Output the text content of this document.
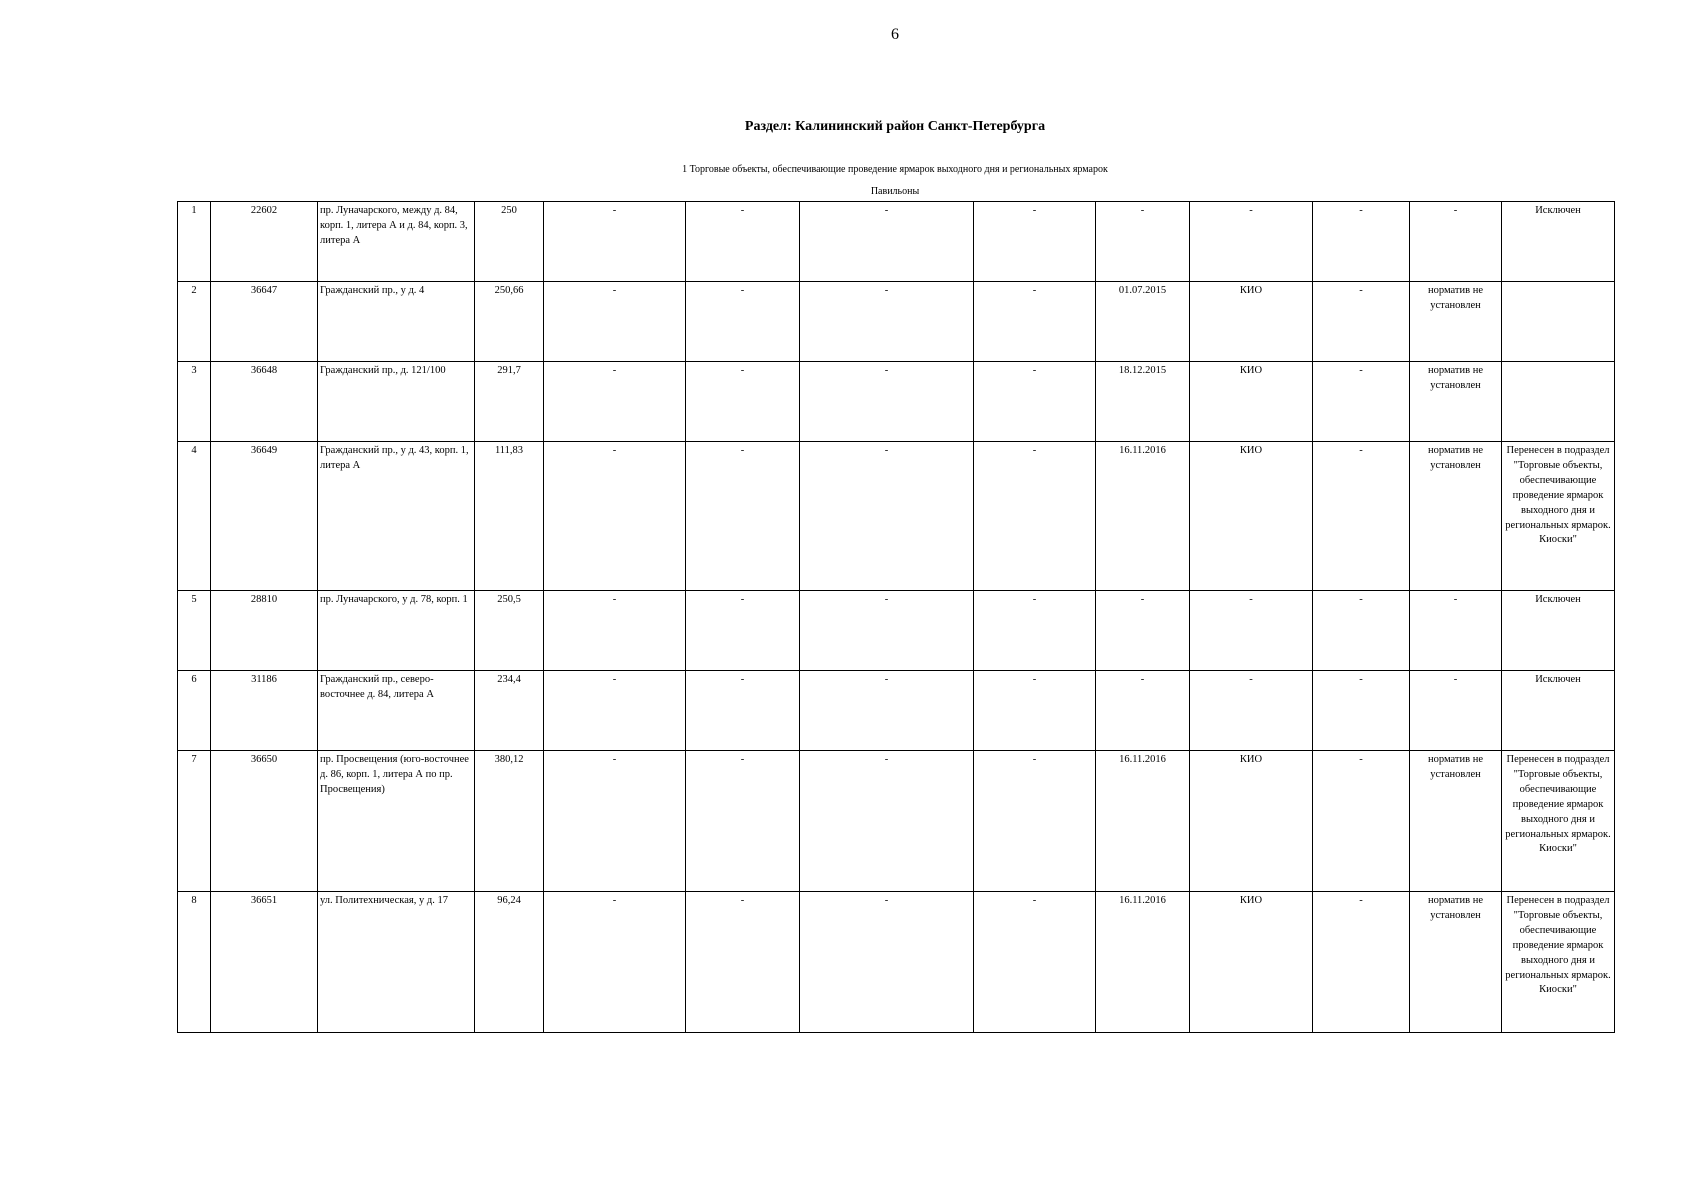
6
Раздел: Калининский район Санкт-Петербурга
1 Торговые объекты, обеспечивающие проведение ярмарок выходного дня и региональных ярмарок
Павильоны
1	22602	пр. Луначарского, между д. 84, корп. 1, литера А и д. 84, корп. 3, литера А	250	-	-	-	-	-	-	-	-	Исключен
2	36647	Гражданский пр., у д. 4	250,66	-	-	-	-	01.07.2015	КИО	-	норматив не установлен	
3	36648	Гражданский пр., д. 121/100	291,7	-	-	-	-	18.12.2015	КИО	-	норматив не установлен	
4	36649	Гражданский пр., у д. 43, корп. 1, литера А	111,83	-	-	-	-	16.11.2016	КИО	-	норматив не установлен	Перенесен в подраздел "Торговые объекты, обеспечивающие проведение ярмарок выходного дня и региональных ярмарок. Киоски"
5	28810	пр. Луначарского, у д. 78, корп. 1	250,5	-	-	-	-	-	-	-	-	Исключен
6	31186	Гражданский пр., северо-восточнее д. 84, литера А	234,4	-	-	-	-	-	-	-	-	Исключен
7	36650	пр. Просвещения (юго-восточнее д. 86, корп. 1, литера А по пр. Просвещения)	380,12	-	-	-	-	16.11.2016	КИО	-	норматив не установлен	Перенесен в подраздел "Торговые объекты, обеспечивающие проведение ярмарок выходного дня и региональных ярмарок. Киоски"
8	36651	ул. Политехническая, у д. 17	96,24	-	-	-	-	16.11.2016	КИО	-	норматив не установлен	Перенесен в подраздел "Торговые объекты, обеспечивающие проведение ярмарок выходного дня и региональных ярмарок. Киоски"
